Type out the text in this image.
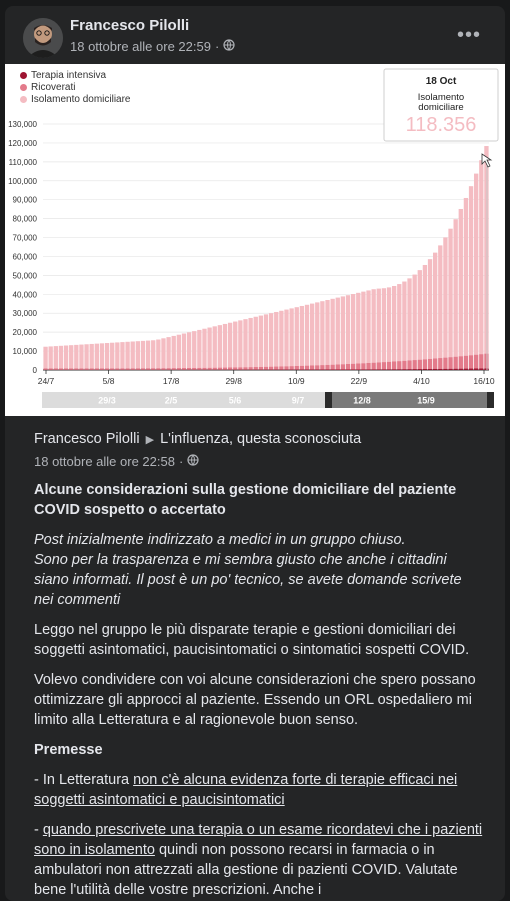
Francesco Pilolli
18 ottobre alle ore 22:59 ·
•••
0
10,000
20,000
30,000
40,000
50,000
60,000
70,000
80,000
90,000
100,000
110,000
120,000
130,000
24/7	5/8	17/8	29/8	10/9	22/9	4/10	16/10
29/3	2/5	5/6	9/7	12/8	15/9
18 Oct
Isolamento
domiciliare
118.356
Terapia intensiva
Ricoverati
Isolamento domiciliare
Francesco Pilolli ▶ L'influenza, questa sconosciuta
18 ottobre alle ore 22:58 ·

Alcune considerazioni sulla gestione domiciliare del paziente COVID sospetto o accertato

Post inizialmente indirizzato a medici in un gruppo chiuso.
Sono per la trasparenza e mi sembra giusto che anche i cittadini siano informati. Il post è un po' tecnico, se avete domande scrivete nei commenti

Leggo nel gruppo le più disparate terapie e gestioni domiciliari dei soggetti asintomatici, paucisintomatici o sintomatici sospetti COVID.

Volevo condividere con voi alcune considerazioni che spero possano ottimizzare gli approcci al paziente. Essendo un ORL ospedaliero mi limito alla Letteratura e al ragionevole buon senso.

Premesse

- In Letteratura non c'è alcuna evidenza forte di terapie efficaci nei soggetti asintomatici e paucisintomatici

- quando prescrivete una terapia o un esame ricordatevi che i pazienti sono in isolamento quindi non possono recarsi in farmacia o in ambulatori non attrezzati alla gestione di pazienti COVID. Valutate bene l'utilità delle vostre prescrizioni. Anche i
